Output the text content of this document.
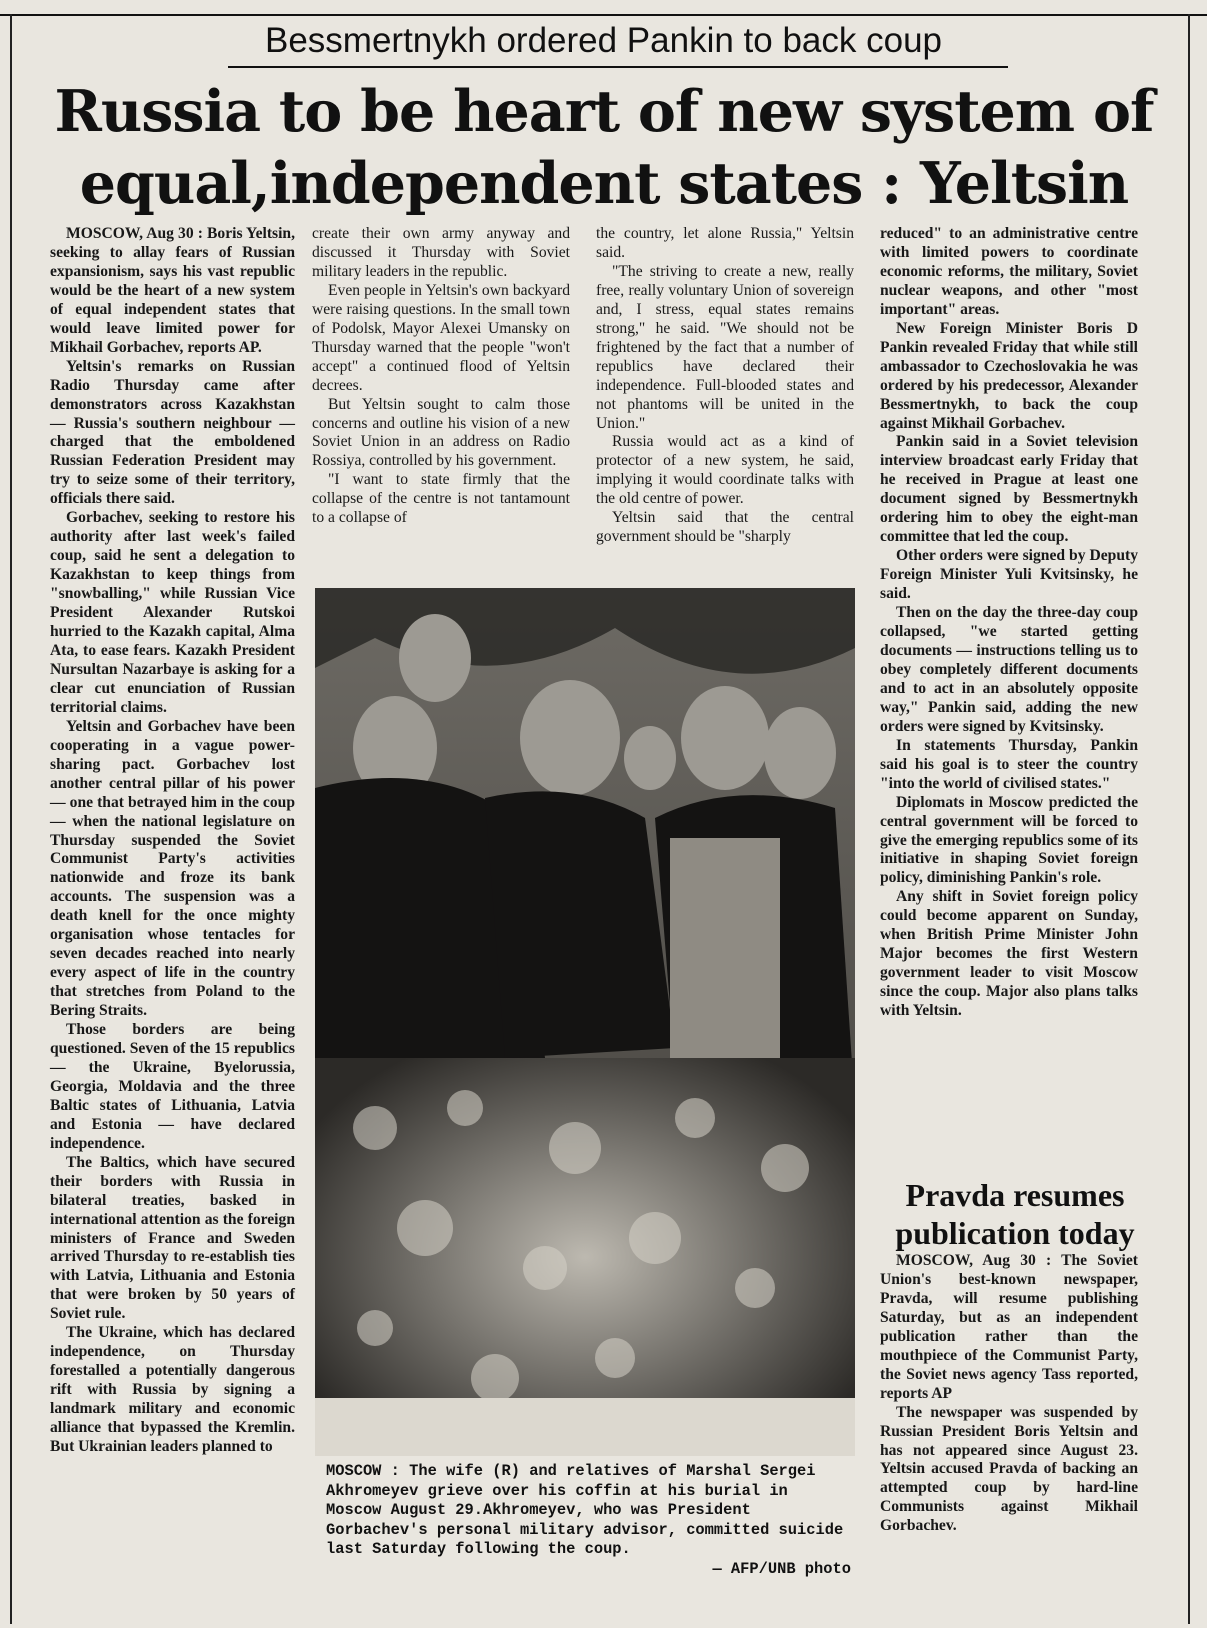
Bessmertnykh ordered Pankin to back coup
Russia to be heart of new system of
equal,independent states : Yeltsin

MOSCOW, Aug 30 : Boris Yeltsin, seeking to allay fears of Russian expansionism, says his vast republic would be the heart of a new system of equal independent states that would leave limited power for Mikhail Gorbachev, reports AP.

Yeltsin's remarks on Russian Radio Thursday came after demonstrators across Kazakhstan — Russia's southern neighbour — charged that the emboldened Russian Federation President may try to seize some of their territory, officials there said.

Gorbachev, seeking to restore his authority after last week's failed coup, said he sent a delegation to Kazakhstan to keep things from "snowballing," while Russian Vice President Alexander Rutskoi hurried to the Kazakh capital, Alma Ata, to ease fears. Kazakh President Nursultan Nazarbaye is asking for a clear cut enunciation of Russian territorial claims.

Yeltsin and Gorbachev have been cooperating in a vague power-sharing pact. Gorbachev lost another central pillar of his power — one that betrayed him in the coup — when the national legislature on Thursday suspended the Soviet Communist Party's activities nationwide and froze its bank accounts. The suspension was a death knell for the once mighty organisation whose tentacles for seven decades reached into nearly every aspect of life in the country that stretches from Poland to the Bering Straits.

Those borders are being questioned. Seven of the 15 republics — the Ukraine, Byelorussia, Georgia, Moldavia and the three Baltic states of Lithuania, Latvia and Estonia — have declared independence.

The Baltics, which have secured their borders with Russia in bilateral treaties, basked in international attention as the foreign ministers of France and Sweden arrived Thursday to re-establish ties with Latvia, Lithuania and Estonia that were broken by 50 years of Soviet rule.

The Ukraine, which has declared independence, on Thursday forestalled a potentially dangerous rift with Russia by signing a landmark military and economic alliance that bypassed the Kremlin. But Ukrainian leaders planned to

create their own army anyway and discussed it Thursday with Soviet military leaders in the republic.

Even people in Yeltsin's own backyard were raising questions. In the small town of Podolsk, Mayor Alexei Umansky on Thursday warned that the people "won't accept" a continued flood of Yeltsin decrees.

But Yeltsin sought to calm those concerns and outline his vision of a new Soviet Union in an address on Radio Rossiya, controlled by his government.

"I want to state firmly that the collapse of the centre is not tantamount to a collapse of

the country, let alone Russia," Yeltsin said.

"The striving to create a new, really free, really voluntary Union of sovereign and, I stress, equal states remains strong," he said. "We should not be frightened by the fact that a number of republics have declared their independence. Full-blooded states and not phantoms will be united in the Union."

Russia would act as a kind of protector of a new system, he said, implying it would coordinate talks with the old centre of power.

Yeltsin said that the central government should be "sharply

reduced" to an administrative centre with limited powers to coordinate economic reforms, the military, Soviet nuclear weapons, and other "most important" areas.

New Foreign Minister Boris D Pankin revealed Friday that while still ambassador to Czechoslovakia he was ordered by his predecessor, Alexander Bessmertnykh, to back the coup against Mikhail Gorbachev.

Pankin said in a Soviet television interview broadcast early Friday that he received in Prague at least one document signed by Bessmertnykh ordering him to obey the eight-man committee that led the coup.

Other orders were signed by Deputy Foreign Minister Yuli Kvitsinsky, he said.

Then on the day the three-day coup collapsed, "we started getting documents — instructions telling us to obey completely different documents and to act in an absolutely opposite way," Pankin said, adding the new orders were signed by Kvitsinsky.

In statements Thursday, Pankin said his goal is to steer the country "into the world of civilised states."

Diplomats in Moscow predicted the central government will be forced to give the emerging republics some of its initiative in shaping Soviet foreign policy, diminishing Pankin's role.

Any shift in Soviet foreign policy could become apparent on Sunday, when British Prime Minister John Major becomes the first Western government leader to visit Moscow since the coup. Major also plans talks with Yeltsin.

MOSCOW : The wife (R) and relatives of Marshal Sergei Akhromeyev grieve over his coffin at his burial in Moscow August 29.Akhromeyev, who was President Gorbachev's personal military advisor, committed suicide last Saturday following the coup.
— AFP/UNB photo
Pravda resumes publication today

MOSCOW, Aug 30 : The Soviet Union's best-known newspaper, Pravda, will resume publishing Saturday, but as an independent publication rather than the mouthpiece of the Communist Party, the Soviet news agency Tass reported, reports AP

The newspaper was suspended by Russian President Boris Yeltsin and has not appeared since August 23. Yeltsin accused Pravda of backing an attempted coup by hard-line Communists against Mikhail Gorbachev.
